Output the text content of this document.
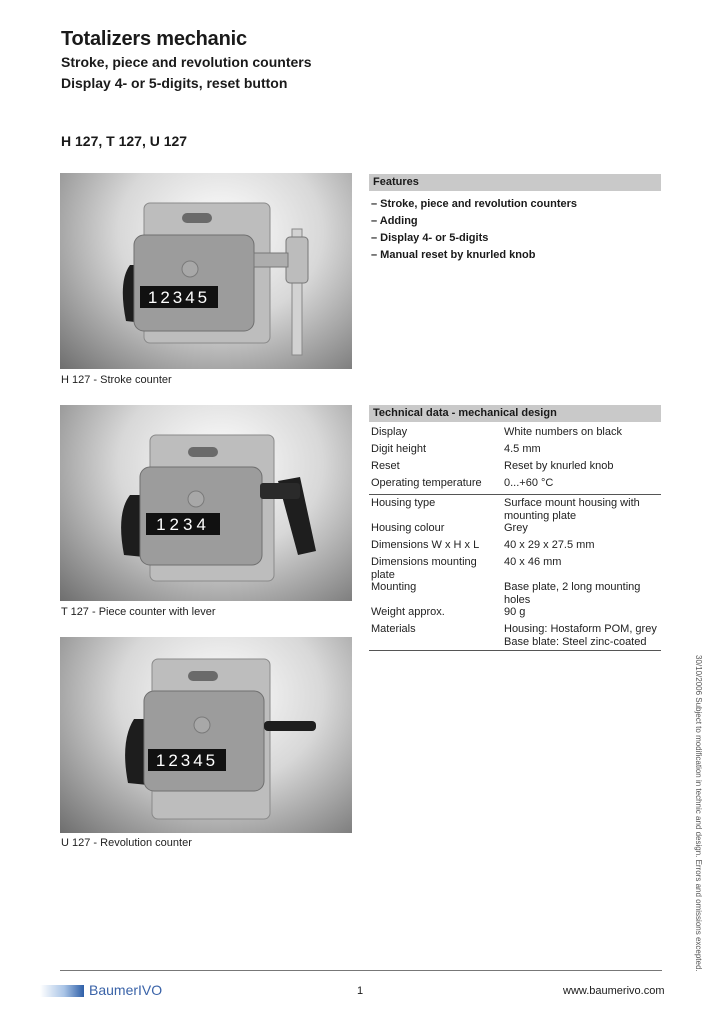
Totalizers mechanic
Stroke, piece and revolution counters
Display 4- or 5-digits, reset button
H 127, T 127, U 127
12345
H 127 - Stroke counter
1234
T 127 - Piece counter with lever
12345
U 127 - Revolution counter
Features
– Stroke, piece and revolution counters
– Adding
– Display 4- or 5-digits
– Manual reset by knurled knob
Technical data - mechanical design
Display	White numbers on black
Digit height	4.5 mm
Reset	Reset by knurled knob
Operating temperature	0...+60 °C
Housing type	Surface mount housing with mounting plate
Housing colour	Grey
Dimensions W x H x L	40 x 29 x 27.5 mm
Dimensions mounting plate	40 x 46 mm
Mounting	Base plate, 2 long mounting holes
Weight approx.	90 g
Materials	Housing: Hostaform POM, grey
Base blate: Steel zinc-coated
BaumerIVO	1	www.baumerivo.com
30/10/2006 Subject to modification in technic and design. Errors and omissions excepted.
